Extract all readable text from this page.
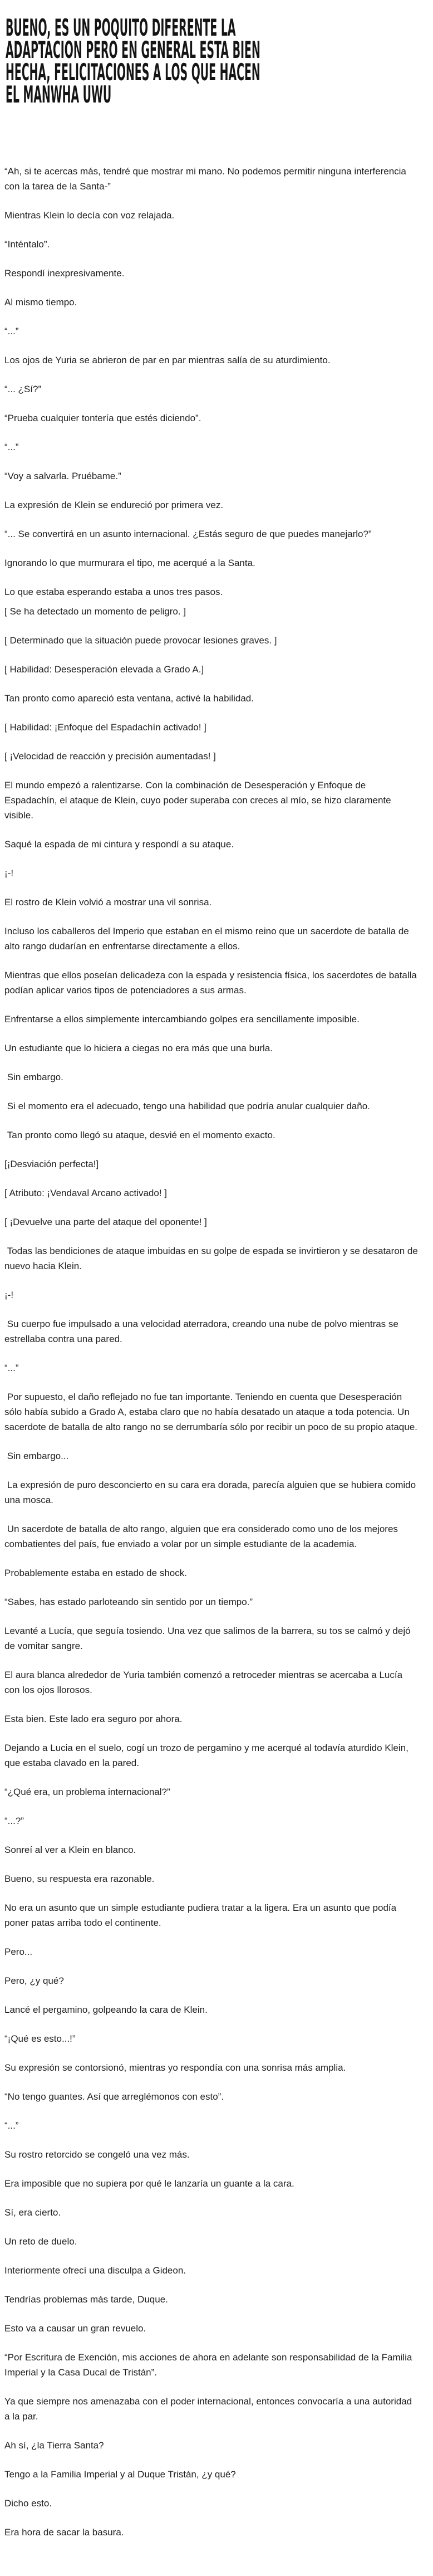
BUENO, ES UN POQUITO DIFERENTE LA
ADAPTACION PERO EN GENERAL ESTA BIEN
HECHA, FELICITACIONES A LOS QUE HACEN
EL MANWHA UWU

“Ah, si te acercas más, tendré que mostrar mi mano. No podemos permitir ninguna interferencia con la tarea de la Santa-”

Mientras Klein lo decía con voz relajada.

“Inténtalo”.

Respondí inexpresivamente.

Al mismo tiempo.

“...”

Los ojos de Yuria se abrieron de par en par mientras salía de su aturdimiento.

“... ¿Sí?”

“Prueba cualquier tontería que estés diciendo”.

“...”

“Voy a salvarla. Pruébame.”

La expresión de Klein se endureció por primera vez.

“... Se convertirá en un asunto internacional. ¿Estás seguro de que puedes manejarlo?”

Ignorando lo que murmurara el tipo, me acerqué a la Santa.

Lo que estaba esperando estaba a unos tres pasos.

[ Se ha detectado un momento de peligro. ]

[ Determinado que la situación puede provocar lesiones graves. ]

[ Habilidad: Desesperación elevada a Grado A.]

Tan pronto como apareció esta ventana, activé la habilidad.

[ Habilidad: ¡Enfoque del Espadachín activado! ]

[ ¡Velocidad de reacción y precisión aumentadas! ]

El mundo empezó a ralentizarse. Con la combinación de Desesperación y Enfoque de Espadachín, el ataque de Klein, cuyo poder superaba con creces al mío, se hizo claramente visible.

Saqué la espada de mi cintura y respondí a su ataque.

¡-!

El rostro de Klein volvió a mostrar una vil sonrisa.

Incluso los caballeros del Imperio que estaban en el mismo reino que un sacerdote de batalla de alto rango dudarían en enfrentarse directamente a ellos.

Mientras que ellos poseían delicadeza con la espada y resistencia física, los sacerdotes de batalla podían aplicar varios tipos de potenciadores a sus armas.

Enfrentarse a ellos simplemente intercambiando golpes era sencillamente imposible.

Un estudiante que lo hiciera a ciegas no era más que una burla.

Sin embargo.

Si el momento era el adecuado, tengo una habilidad que podría anular cualquier daño.

Tan pronto como llegó su ataque, desvié en el momento exacto.

[¡Desviación perfecta!]

[ Atributo: ¡Vendaval Arcano activado! ]

[ ¡Devuelve una parte del ataque del oponente! ]

Todas las bendiciones de ataque imbuidas en su golpe de espada se invirtieron y se desataron de nuevo hacia Klein.

¡-!

Su cuerpo fue impulsado a una velocidad aterradora, creando una nube de polvo mientras se estrellaba contra una pared.

“...”

Por supuesto, el daño reflejado no fue tan importante. Teniendo en cuenta que Desesperación sólo había subido a Grado A, estaba claro que no había desatado un ataque a toda potencia. Un sacerdote de batalla de alto rango no se derrumbaría sólo por recibir un poco de su propio ataque.

Sin embargo...

La expresión de puro desconcierto en su cara era dorada, parecía alguien que se hubiera comido una mosca.

Un sacerdote de batalla de alto rango, alguien que era considerado como uno de los mejores combatientes del país, fue enviado a volar por un simple estudiante de la academia.

Probablemente estaba en estado de shock.

“Sabes, has estado parloteando sin sentido por un tiempo.”

Levanté a Lucía, que seguía tosiendo. Una vez que salimos de la barrera, su tos se calmó y dejó de vomitar sangre.

El aura blanca alrededor de Yuria también comenzó a retroceder mientras se acercaba a Lucía con los ojos llorosos.

Esta bien. Este lado era seguro por ahora.

Dejando a Lucia en el suelo, cogí un trozo de pergamino y me acerqué al todavía aturdido Klein, que estaba clavado en la pared.

“¿Qué era, un problema internacional?”

“...?”

Sonreí al ver a Klein en blanco.

Bueno, su respuesta era razonable.

No era un asunto que un simple estudiante pudiera tratar a la ligera. Era un asunto que podía poner patas arriba todo el continente.

Pero...

Pero, ¿y qué?

Lancé el pergamino, golpeando la cara de Klein.

“¡Qué es esto...!”

Su expresión se contorsionó, mientras yo respondía con una sonrisa más amplia.

“No tengo guantes. Así que arreglémonos con esto”.

“...”

Su rostro retorcido se congeló una vez más.

Era imposible que no supiera por qué le lanzaría un guante a la cara.

Sí, era cierto.

Un reto de duelo.

Interiormente ofrecí una disculpa a Gideon.

Tendrías problemas más tarde, Duque.

Esto va a causar un gran revuelo.

“Por Escritura de Exención, mis acciones de ahora en adelante son responsabilidad de la Familia Imperial y la Casa Ducal de Tristán”.

Ya que siempre nos amenazaba con el poder internacional, entonces convocaría a una autoridad a la par.

Ah sí, ¿la Tierra Santa?

Tengo a la Familia Imperial y al Duque Tristán, ¿y qué?

Dicho esto.

Era hora de sacar la basura.
